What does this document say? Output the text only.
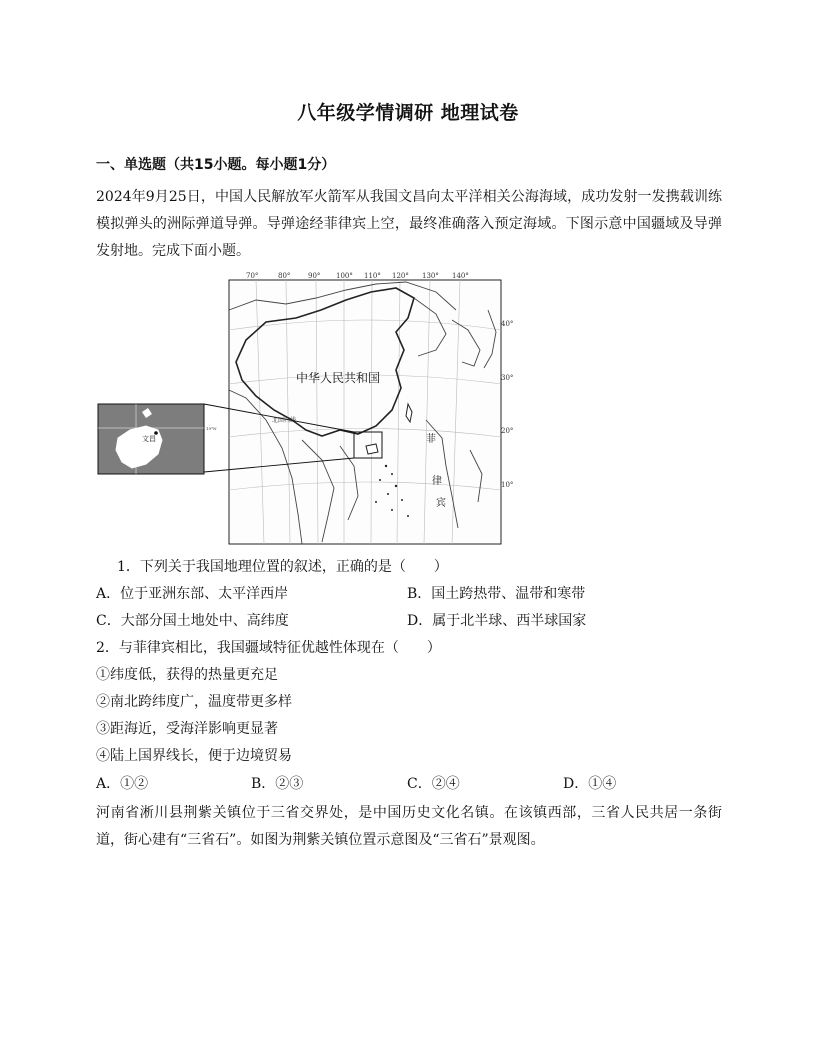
八年级学情调研 地理试卷
一、单选题（共15小题。每小题1分）
2024年9月25日，中国人民解放军火箭军从我国文昌向太平洋相关公海海域，成功发射一发携载训练模拟弹头的洲际弹道导弹。导弹途经菲律宾上空，最终准确落入预定海域。下图示意中国疆域及导弹发射地。完成下面小题。
70°	80°	90° 100° 110° 120° 130° 140°
40°
30°
20°
10°
中华人民共和国
北回归线
菲
律
宾
文昌
19°N
1．下列关于我国地理位置的叙述，正确的是（　　）
A．位于亚洲东部、太平洋西岸	B．国土跨热带、温带和寒带
C．大部分国土地处中、高纬度	D．属于北半球、西半球国家
2．与菲律宾相比，我国疆域特征优越性体现在（　　）
①纬度低，获得的热量更充足
②南北跨纬度广，温度带更多样
③距海近，受海洋影响更显著
④陆上国界线长，便于边境贸易
A．①②	B．②③	C．②④	D．①④
河南省淅川县荆紫关镇位于三省交界处，是中国历史文化名镇。在该镇西部，三省人民共居一条街道，街心建有“三省石”。如图为荆紫关镇位置示意图及“三省石”景观图。
